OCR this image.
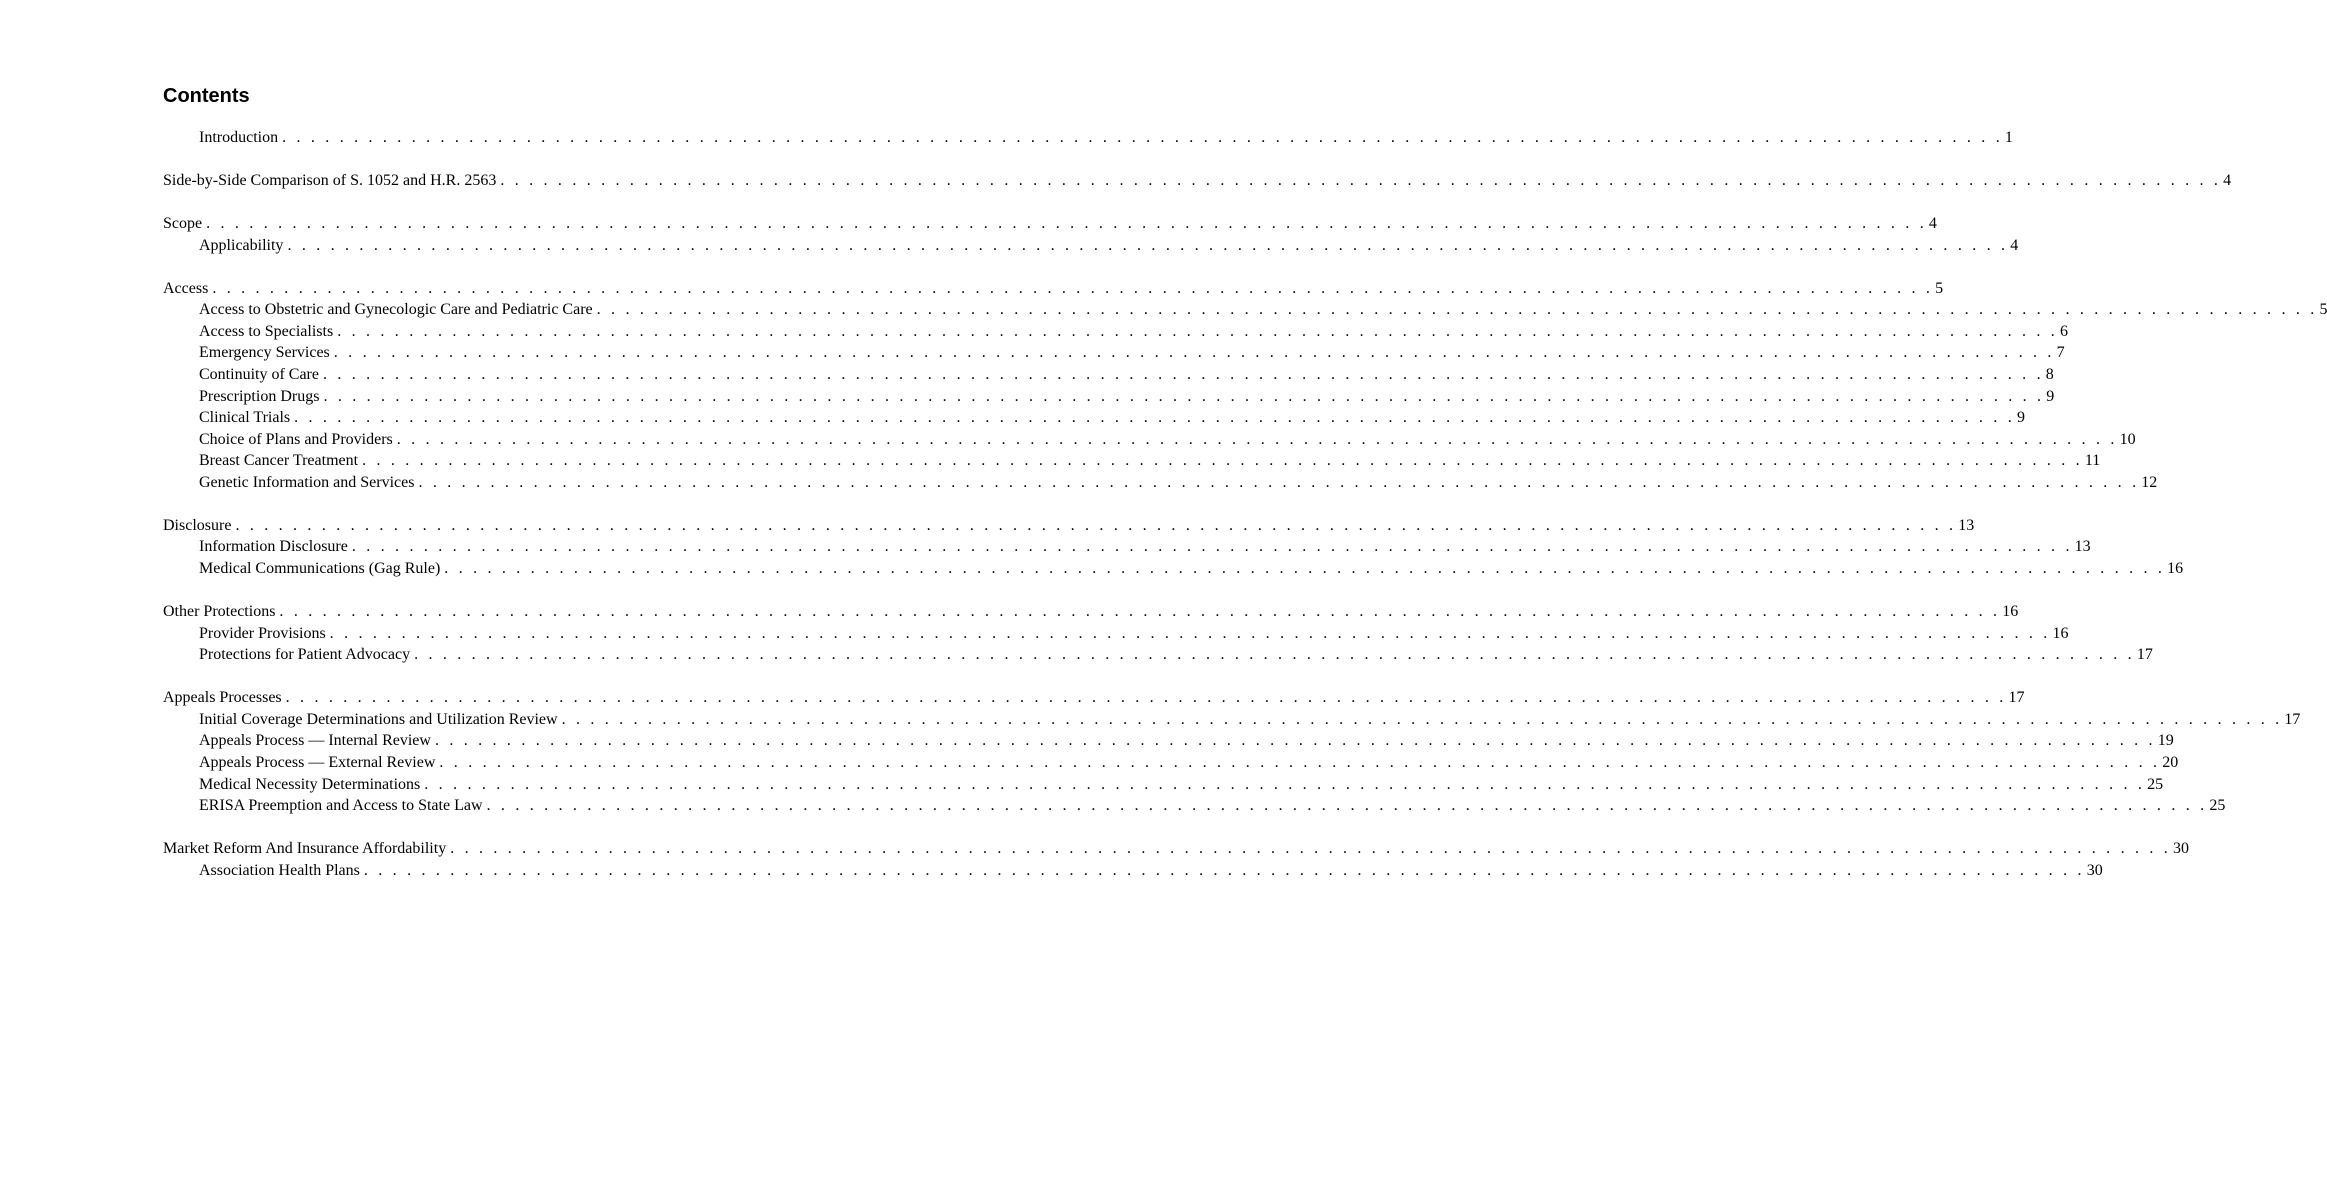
Contents
Introduction . . . . . . . . . . . . . . . . . . . . . . . . . . . . . . . . . . . . . . . . . . . . . . . . . . . . . . . . . . . . . . . . . . . . . . . . . . . . . . . . . . . . . . . . . . . . . . . . . . . . . . . . . . . . . . . . . . . . . . . . 1
Side-by-Side Comparison of S. 1052 and H.R. 2563 . . . . . . . . . . . . . . . . . . . . . . . . . . . . . . . . . . . . . . . . . . . . . . . . . . . . . . . . . . . . . . . . . . . . . . . . . . . . . . . . . . . . . . . . . . . . . . . . . . . . . . . . . . . . . . . . . . . . . . . . 4
Scope . . . . . . . . . . . . . . . . . . . . . . . . . . . . . . . . . . . . . . . . . . . . . . . . . . . . . . . . . . . . . . . . . . . . . . . . . . . . . . . . . . . . . . . . . . . . . . . . . . . . . . . . . . . . . . . . . . . . . . . . 4
Applicability . . . . . . . . . . . . . . . . . . . . . . . . . . . . . . . . . . . . . . . . . . . . . . . . . . . . . . . . . . . . . . . . . . . . . . . . . . . . . . . . . . . . . . . . . . . . . . . . . . . . . . . . . . . . . . . . . . . . . . . . 4
Access . . . . . . . . . . . . . . . . . . . . . . . . . . . . . . . . . . . . . . . . . . . . . . . . . . . . . . . . . . . . . . . . . . . . . . . . . . . . . . . . . . . . . . . . . . . . . . . . . . . . . . . . . . . . . . . . . . . . . . . . 5
Access to Obstetric and Gynecologic Care and Pediatric Care . . . . . . . . . . . . . . . . . . . . . . . . . . . . . . . . . . . . . . . . . . . . . . . . . . . . . . . . . . . . . . . . . . . . . . . . . . . . . . . . . . . . . . . . . . . . . . . . . . . . . . . . . . . . . . . . . . . . . . . . 5
Access to Specialists . . . . . . . . . . . . . . . . . . . . . . . . . . . . . . . . . . . . . . . . . . . . . . . . . . . . . . . . . . . . . . . . . . . . . . . . . . . . . . . . . . . . . . . . . . . . . . . . . . . . . . . . . . . . . . . . . . . . . . . . 6
Emergency Services . . . . . . . . . . . . . . . . . . . . . . . . . . . . . . . . . . . . . . . . . . . . . . . . . . . . . . . . . . . . . . . . . . . . . . . . . . . . . . . . . . . . . . . . . . . . . . . . . . . . . . . . . . . . . . . . . . . . . . . . 7
Continuity of Care . . . . . . . . . . . . . . . . . . . . . . . . . . . . . . . . . . . . . . . . . . . . . . . . . . . . . . . . . . . . . . . . . . . . . . . . . . . . . . . . . . . . . . . . . . . . . . . . . . . . . . . . . . . . . . . . . . . . . . . . 8
Prescription Drugs . . . . . . . . . . . . . . . . . . . . . . . . . . . . . . . . . . . . . . . . . . . . . . . . . . . . . . . . . . . . . . . . . . . . . . . . . . . . . . . . . . . . . . . . . . . . . . . . . . . . . . . . . . . . . . . . . . . . . . . . 9
Clinical Trials . . . . . . . . . . . . . . . . . . . . . . . . . . . . . . . . . . . . . . . . . . . . . . . . . . . . . . . . . . . . . . . . . . . . . . . . . . . . . . . . . . . . . . . . . . . . . . . . . . . . . . . . . . . . . . . . . . . . . . . . 9
Choice of Plans and Providers . . . . . . . . . . . . . . . . . . . . . . . . . . . . . . . . . . . . . . . . . . . . . . . . . . . . . . . . . . . . . . . . . . . . . . . . . . . . . . . . . . . . . . . . . . . . . . . . . . . . . . . . . . . . . . . . . . . . . . . . 10
Breast Cancer Treatment . . . . . . . . . . . . . . . . . . . . . . . . . . . . . . . . . . . . . . . . . . . . . . . . . . . . . . . . . . . . . . . . . . . . . . . . . . . . . . . . . . . . . . . . . . . . . . . . . . . . . . . . . . . . . . . . . . . . . . . . 11
Genetic Information and Services . . . . . . . . . . . . . . . . . . . . . . . . . . . . . . . . . . . . . . . . . . . . . . . . . . . . . . . . . . . . . . . . . . . . . . . . . . . . . . . . . . . . . . . . . . . . . . . . . . . . . . . . . . . . . . . . . . . . . . . . 12
Disclosure . . . . . . . . . . . . . . . . . . . . . . . . . . . . . . . . . . . . . . . . . . . . . . . . . . . . . . . . . . . . . . . . . . . . . . . . . . . . . . . . . . . . . . . . . . . . . . . . . . . . . . . . . . . . . . . . . . . . . . . . 13
Information Disclosure . . . . . . . . . . . . . . . . . . . . . . . . . . . . . . . . . . . . . . . . . . . . . . . . . . . . . . . . . . . . . . . . . . . . . . . . . . . . . . . . . . . . . . . . . . . . . . . . . . . . . . . . . . . . . . . . . . . . . . . . 13
Medical Communications (Gag Rule) . . . . . . . . . . . . . . . . . . . . . . . . . . . . . . . . . . . . . . . . . . . . . . . . . . . . . . . . . . . . . . . . . . . . . . . . . . . . . . . . . . . . . . . . . . . . . . . . . . . . . . . . . . . . . . . . . . . . . . . . 16
Other Protections . . . . . . . . . . . . . . . . . . . . . . . . . . . . . . . . . . . . . . . . . . . . . . . . . . . . . . . . . . . . . . . . . . . . . . . . . . . . . . . . . . . . . . . . . . . . . . . . . . . . . . . . . . . . . . . . . . . . . . . . 16
Provider Provisions . . . . . . . . . . . . . . . . . . . . . . . . . . . . . . . . . . . . . . . . . . . . . . . . . . . . . . . . . . . . . . . . . . . . . . . . . . . . . . . . . . . . . . . . . . . . . . . . . . . . . . . . . . . . . . . . . . . . . . . . 16
Protections for Patient Advocacy . . . . . . . . . . . . . . . . . . . . . . . . . . . . . . . . . . . . . . . . . . . . . . . . . . . . . . . . . . . . . . . . . . . . . . . . . . . . . . . . . . . . . . . . . . . . . . . . . . . . . . . . . . . . . . . . . . . . . . . . 17
Appeals Processes . . . . . . . . . . . . . . . . . . . . . . . . . . . . . . . . . . . . . . . . . . . . . . . . . . . . . . . . . . . . . . . . . . . . . . . . . . . . . . . . . . . . . . . . . . . . . . . . . . . . . . . . . . . . . . . . . . . . . . . . 17
Initial Coverage Determinations and Utilization Review . . . . . . . . . . . . . . . . . . . . . . . . . . . . . . . . . . . . . . . . . . . . . . . . . . . . . . . . . . . . . . . . . . . . . . . . . . . . . . . . . . . . . . . . . . . . . . . . . . . . . . . . . . . . . . . . . . . . . . . . 17
Appeals Process — Internal Review . . . . . . . . . . . . . . . . . . . . . . . . . . . . . . . . . . . . . . . . . . . . . . . . . . . . . . . . . . . . . . . . . . . . . . . . . . . . . . . . . . . . . . . . . . . . . . . . . . . . . . . . . . . . . . . . . . . . . . . . 19
Appeals Process — External Review . . . . . . . . . . . . . . . . . . . . . . . . . . . . . . . . . . . . . . . . . . . . . . . . . . . . . . . . . . . . . . . . . . . . . . . . . . . . . . . . . . . . . . . . . . . . . . . . . . . . . . . . . . . . . . . . . . . . . . . . 20
Medical Necessity Determinations . . . . . . . . . . . . . . . . . . . . . . . . . . . . . . . . . . . . . . . . . . . . . . . . . . . . . . . . . . . . . . . . . . . . . . . . . . . . . . . . . . . . . . . . . . . . . . . . . . . . . . . . . . . . . . . . . . . . . . . . 25
ERISA Preemption and Access to State Law . . . . . . . . . . . . . . . . . . . . . . . . . . . . . . . . . . . . . . . . . . . . . . . . . . . . . . . . . . . . . . . . . . . . . . . . . . . . . . . . . . . . . . . . . . . . . . . . . . . . . . . . . . . . . . . . . . . . . . . . 25
Market Reform And Insurance Affordability . . . . . . . . . . . . . . . . . . . . . . . . . . . . . . . . . . . . . . . . . . . . . . . . . . . . . . . . . . . . . . . . . . . . . . . . . . . . . . . . . . . . . . . . . . . . . . . . . . . . . . . . . . . . . . . . . . . . . . . . 30
Association Health Plans . . . . . . . . . . . . . . . . . . . . . . . . . . . . . . . . . . . . . . . . . . . . . . . . . . . . . . . . . . . . . . . . . . . . . . . . . . . . . . . . . . . . . . . . . . . . . . . . . . . . . . . . . . . . . . . . . . . . . . . . 30
